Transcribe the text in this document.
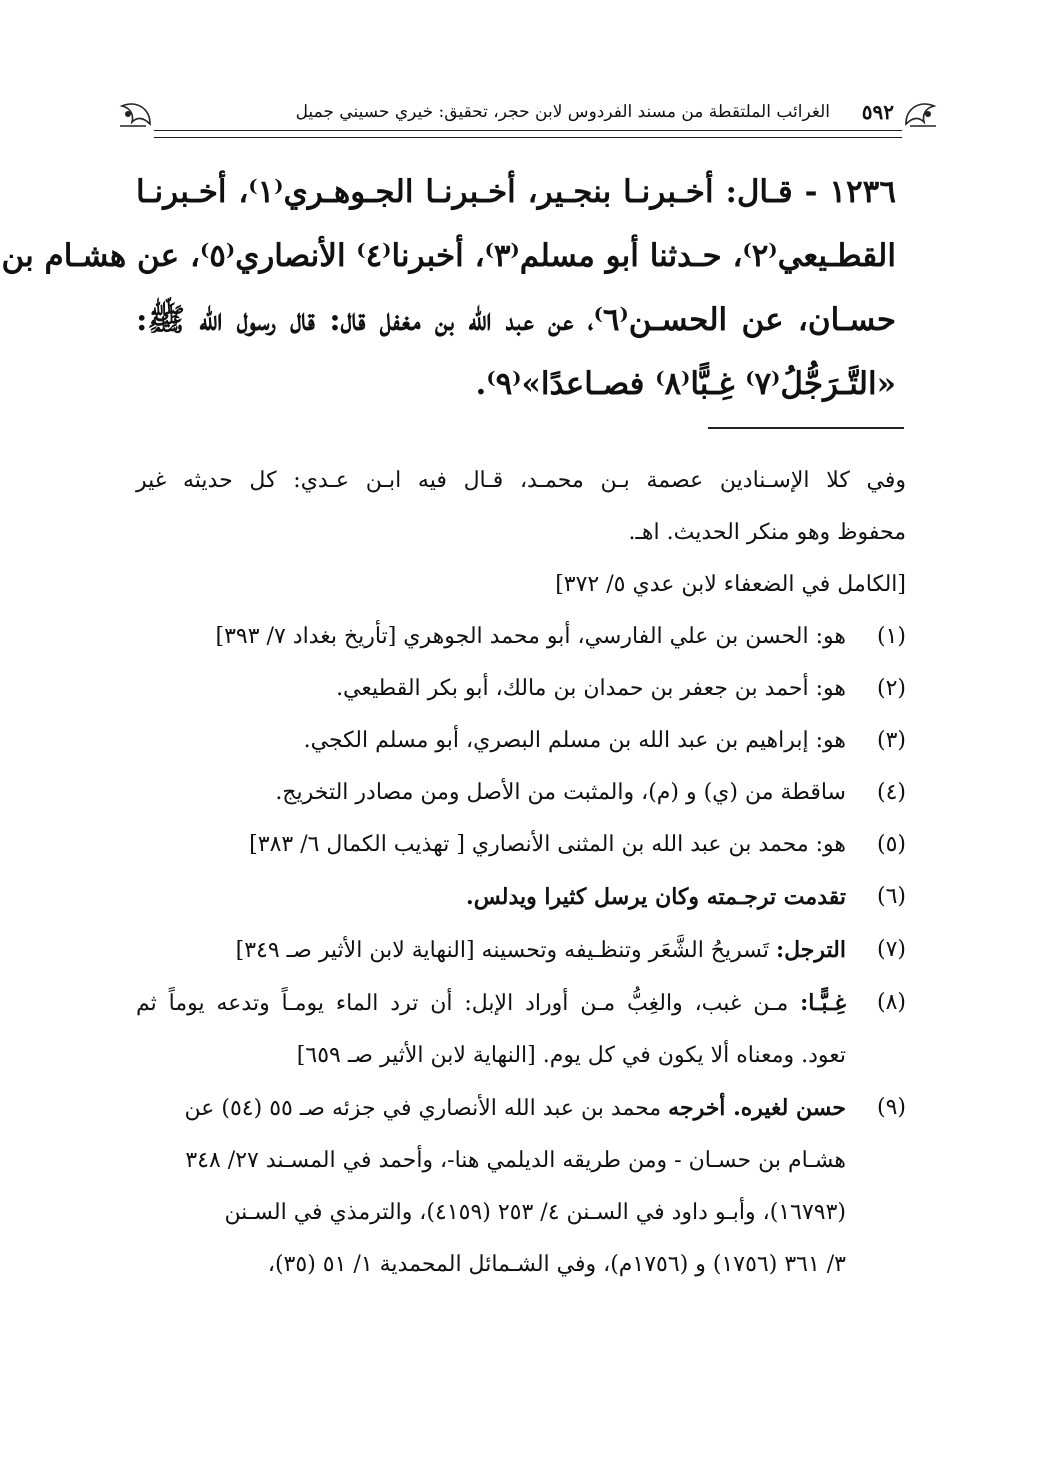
٥٩٢
الغرائب الملتقطة من مسند الفردوس لابن حجر، تحقيق: خيري حسيني جميل
١٢٣٦ - قـال: أخـبرنـا بنجـير، أخـبرنـا الجـوهـري⁽١⁾، أخـبرنـا
القطـيعي⁽٢⁾، حـدثنا أبو مسلم⁽٣⁾، أخبرنا⁽٤⁾ الأنصاري⁽٥⁾، عن هشـام بن
حسـان، عن الحسـن⁽٦⁾، عن عبد الله بن مغفل قال: قال رسول الله ﷺ:
«التَّـرَجُّلُ⁽٧⁾ غِـبًّا⁽٨⁾ فصـاعدًا»⁽٩⁾.
وفي كلا الإسـنادين عصمة بـن محمـد، قـال فيه ابـن عـدي: كل حديثه غير
محفوظ وهو منكر الحديث. اهـ.
[الكامل في الضعفاء لابن عدي ٥/ ٣٧٢]
(١)
هو: الحسن بن علي الفارسي، أبو محمد الجوهري [تأريخ بغداد ٧/ ٣٩٣]
(٢)
هو: أحمد بن جعفر بن حمدان بن مالك، أبو بكر القطيعي.
(٣)
هو: إبراهيم بن عبد الله بن مسلم البصري، أبو مسلم الكجي.
(٤)
ساقطة من (ي) و (م)، والمثبت من الأصل ومن مصادر التخريج.
(٥)
هو: محمد بن عبد الله بن المثنى الأنصاري [ تهذيب الكمال ٦/ ٣٨٣]
(٦)
تقدمت ترجـمته وكان يرسل كثيرا ويدلس.
(٧)
الترجل: تَسريحُ الشَّعَر وتنظـيفه وتحسينه [النهاية لابن الأثير صـ ٣٤٩]
(٨)
غِـبًّـا: مـن غبب، والغِبُّ مـن أوراد الإبل: أن ترد الماء يومـاً وتدعه يوماً ثم
تعود. ومعناه ألا يكون في كل يوم. [النهاية لابن الأثير صـ ٦٥٩]
(٩)
حسن لغيره. أخرجه محمد بن عبد الله الأنصاري في جزئه صـ ٥٥ (٥٤) عن
هشـام بن حسـان - ومن طريقه الديلمي هنا-، وأحمد في المسـند ٢٧/ ٣٤٨
(١٦٧٩٣)، وأبـو داود في السـنن ٤/ ٢٥٣ (٤١٥٩)، والترمذي في السـنن
٣/ ٣٦١ (١٧٥٦) و (١٧٥٦م)، وفي الشـمائل المحمدية ١/ ٥١ (٣٥)،
